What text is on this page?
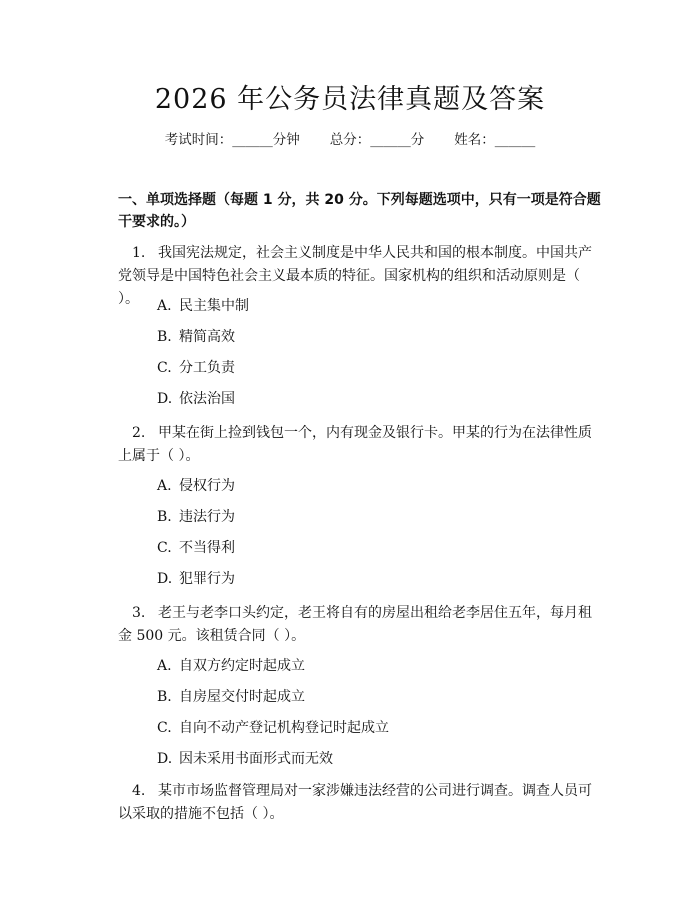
2026 年公务员法律真题及答案
考试时间：______分钟 总分：______分 姓名：______
一、单项选择题（每题 1 分，共 20 分。下列每题选项中，只有一项是符合题干要求的。）
1. 我国宪法规定，社会主义制度是中华人民共和国的根本制度。中国共产党领导是中国特色社会主义最本质的特征。国家机构的组织和活动原则是（ ）。	A. 民主集中制
B. 精简高效
C. 分工负责
D. 依法治国
2. 甲某在街上捡到钱包一个，内有现金及银行卡。甲某的行为在法律性质上属于（ ）。
A. 侵权行为
B. 违法行为
C. 不当得利
D. 犯罪行为
3. 老王与老李口头约定，老王将自有的房屋出租给老李居住五年，每月租金 500 元。该租赁合同（ ）。
A. 自双方约定时起成立
B. 自房屋交付时起成立
C. 自向不动产登记机构登记时起成立
D. 因未采用书面形式而无效
4. 某市市场监督管理局对一家涉嫌违法经营的公司进行调查。调查人员可以采取的措施不包括（ ）。
